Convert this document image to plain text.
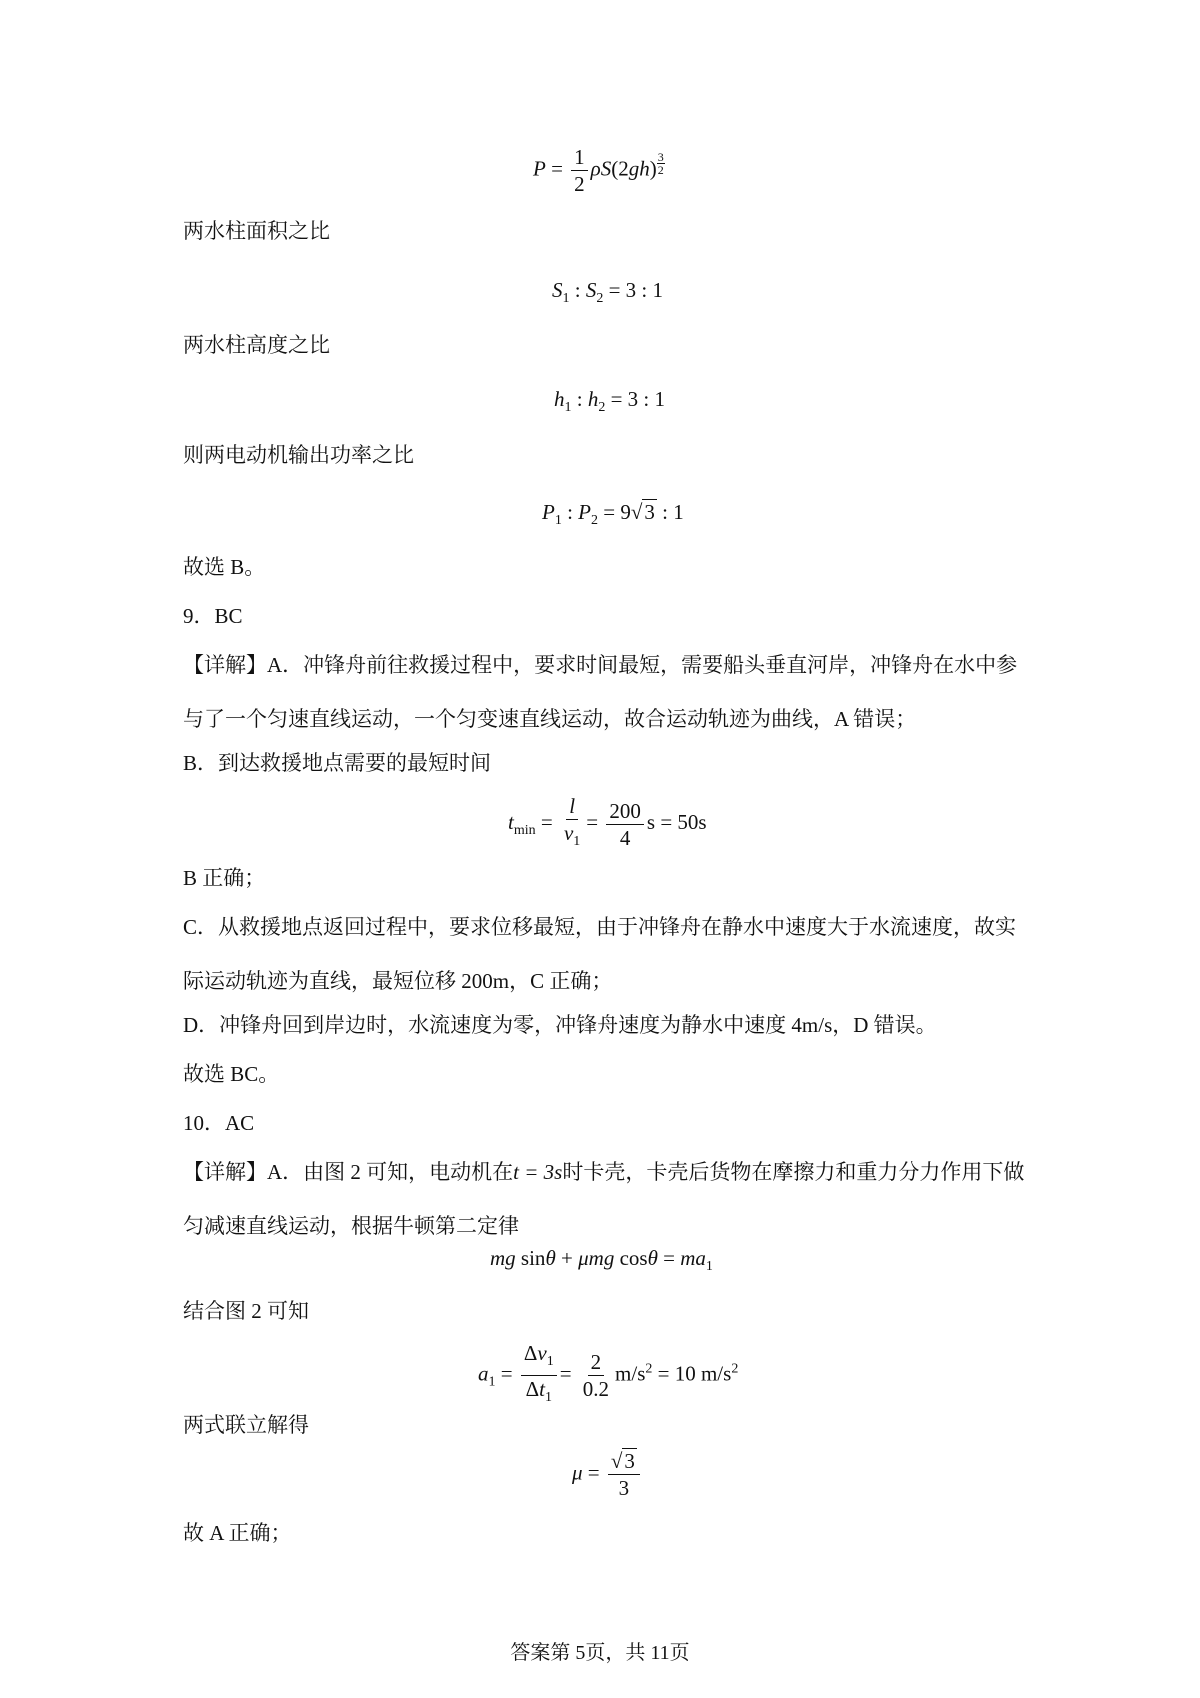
$P = \frac{1}{2} \rho S(2gh) \frac{3}{2}$
两水柱面积之比
$S_1$ : $S_2 = 3$ : 1
两水柱高度之比
$h_1$ : $h_2 = 3$ : 1
则两电动机输出功率之比
$P_1$ : $P_2 = 9√3$ : 1
故选 B。
9．BC
【详解】A．冲锋舟前往救援过程中，要求时间最短，需要船头垂直河岸，冲锋舟在水中参与了一个匀速直线运动，一个匀变速直线运动，故合运动轨迹为曲线，A 错误；
B．到达救援地点需要的最短时间
$t_{min} = \frac{l}{v_1} = \frac{200}{4}$ s = 50s
B 正确；
C．从救援地点返回过程中，要求位移最短，由于冲锋舟在静水中速度大于水流速度，故实际运动轨迹为直线，最短位移 200m，C 正确；
D．冲锋舟回到岸边时，水流速度为零，冲锋舟速度为静水中速度 4m/s，D 错误。
故选 BC。
10．AC
【详解】A．由图 2 可知，电动机在t = 3s时卡壳，卡壳后货物在摩擦力和重力分力作用下做匀减速直线运动，根据牛顿第二定律
mg sinθ + μmg $\cos\theta = ma_1$
结合图 2 可知
$a_1 = \frac{\Delta v_1}{\Delta t_1} = \frac{2}{0.2} m/s^2 = 10$ $m/s^2$
两式联立解得
$\mu = \frac{√3}{3}$
故 A 正确；
答案第 5页，共 11页
